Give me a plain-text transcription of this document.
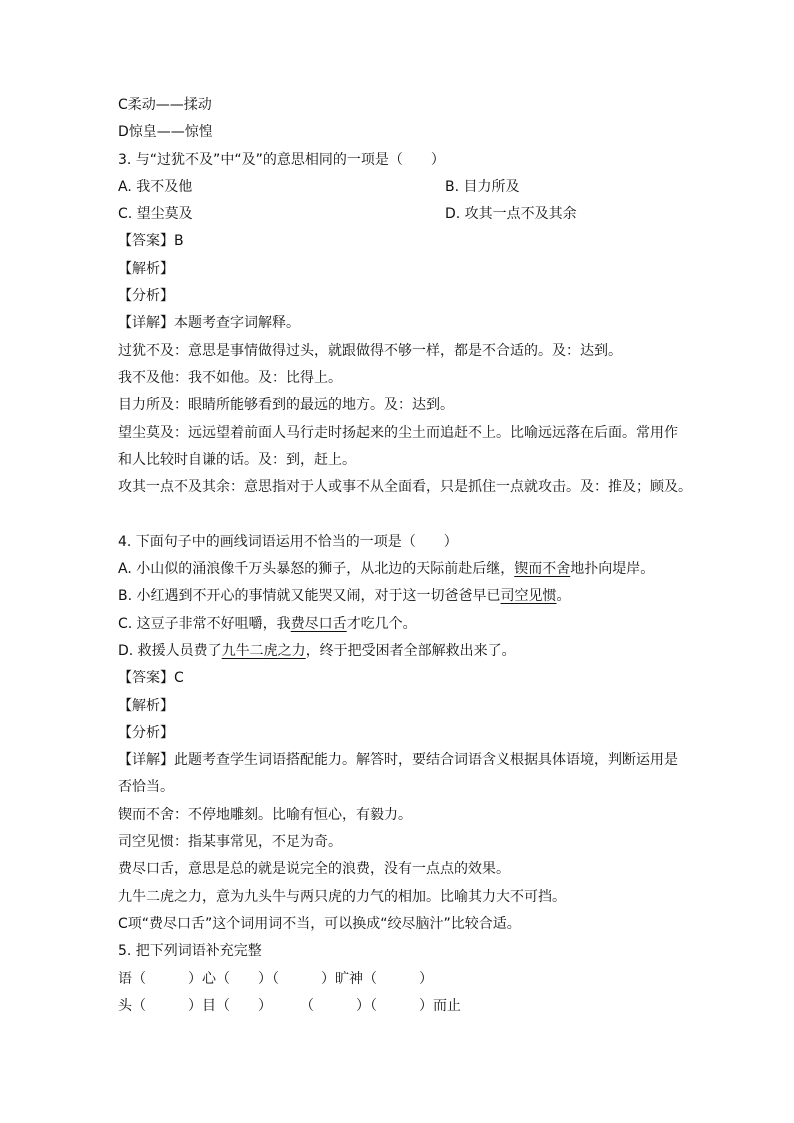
C柔动——揉动
D惊皇——惊惶
3. 与“过犹不及”中“及”的意思相同的一项是（　　）
A. 我不及他	B. 目力所及
C. 望尘莫及	D. 攻其一点不及其余
【答案】B
【解析】
【分析】
【详解】本题考查字词解释。
过犹不及：意思是事情做得过头，就跟做得不够一样，都是不合适的。及：达到。
我不及他：我不如他。及：比得上。
目力所及：眼睛所能够看到的最远的地方。及：达到。
望尘莫及：远远望着前面人马行走时扬起来的尘土而追赶不上。比喻远远落在后面。常用作
和人比较时自谦的话。及：到，赶上。
攻其一点不及其余：意思指对于人或事不从全面看，只是抓住一点就攻击。及：推及；顾及。
4. 下面句子中的画线词语运用不恰当的一项是（　　）
A. 小山似的涌浪像千万头暴怒的狮子，从北边的天际前赴后继，锲而不舍地扑向堤岸。
B. 小红遇到不开心的事情就又能哭又闹，对于这一切爸爸早已司空见惯。
C. 这豆子非常不好咀嚼，我费尽口舌才吃几个。
D. 救援人员费了九牛二虎之力，终于把受困者全部解救出来了。
【答案】C
【解析】
【分析】
【详解】此题考查学生词语搭配能力。解答时，要结合词语含义根据具体语境，判断运用是
否恰当。
锲而不舍：不停地雕刻。比喻有恒心，有毅力。
司空见惯：指某事常见，不足为奇。
费尽口舌，意思是总的就是说完全的浪费，没有一点点的效果。
九牛二虎之力，意为九头牛与两只虎的力气的相加。比喻其力大不可挡。
C项“费尽口舌”这个词用词不当，可以换成“绞尽脑汁”比较合适。
5. 把下列词语补充完整
语（　　　）心（　　）（　　　）旷神（　　　）
头（　　　）目（　　）　　　（　　　）（　　　）而止
